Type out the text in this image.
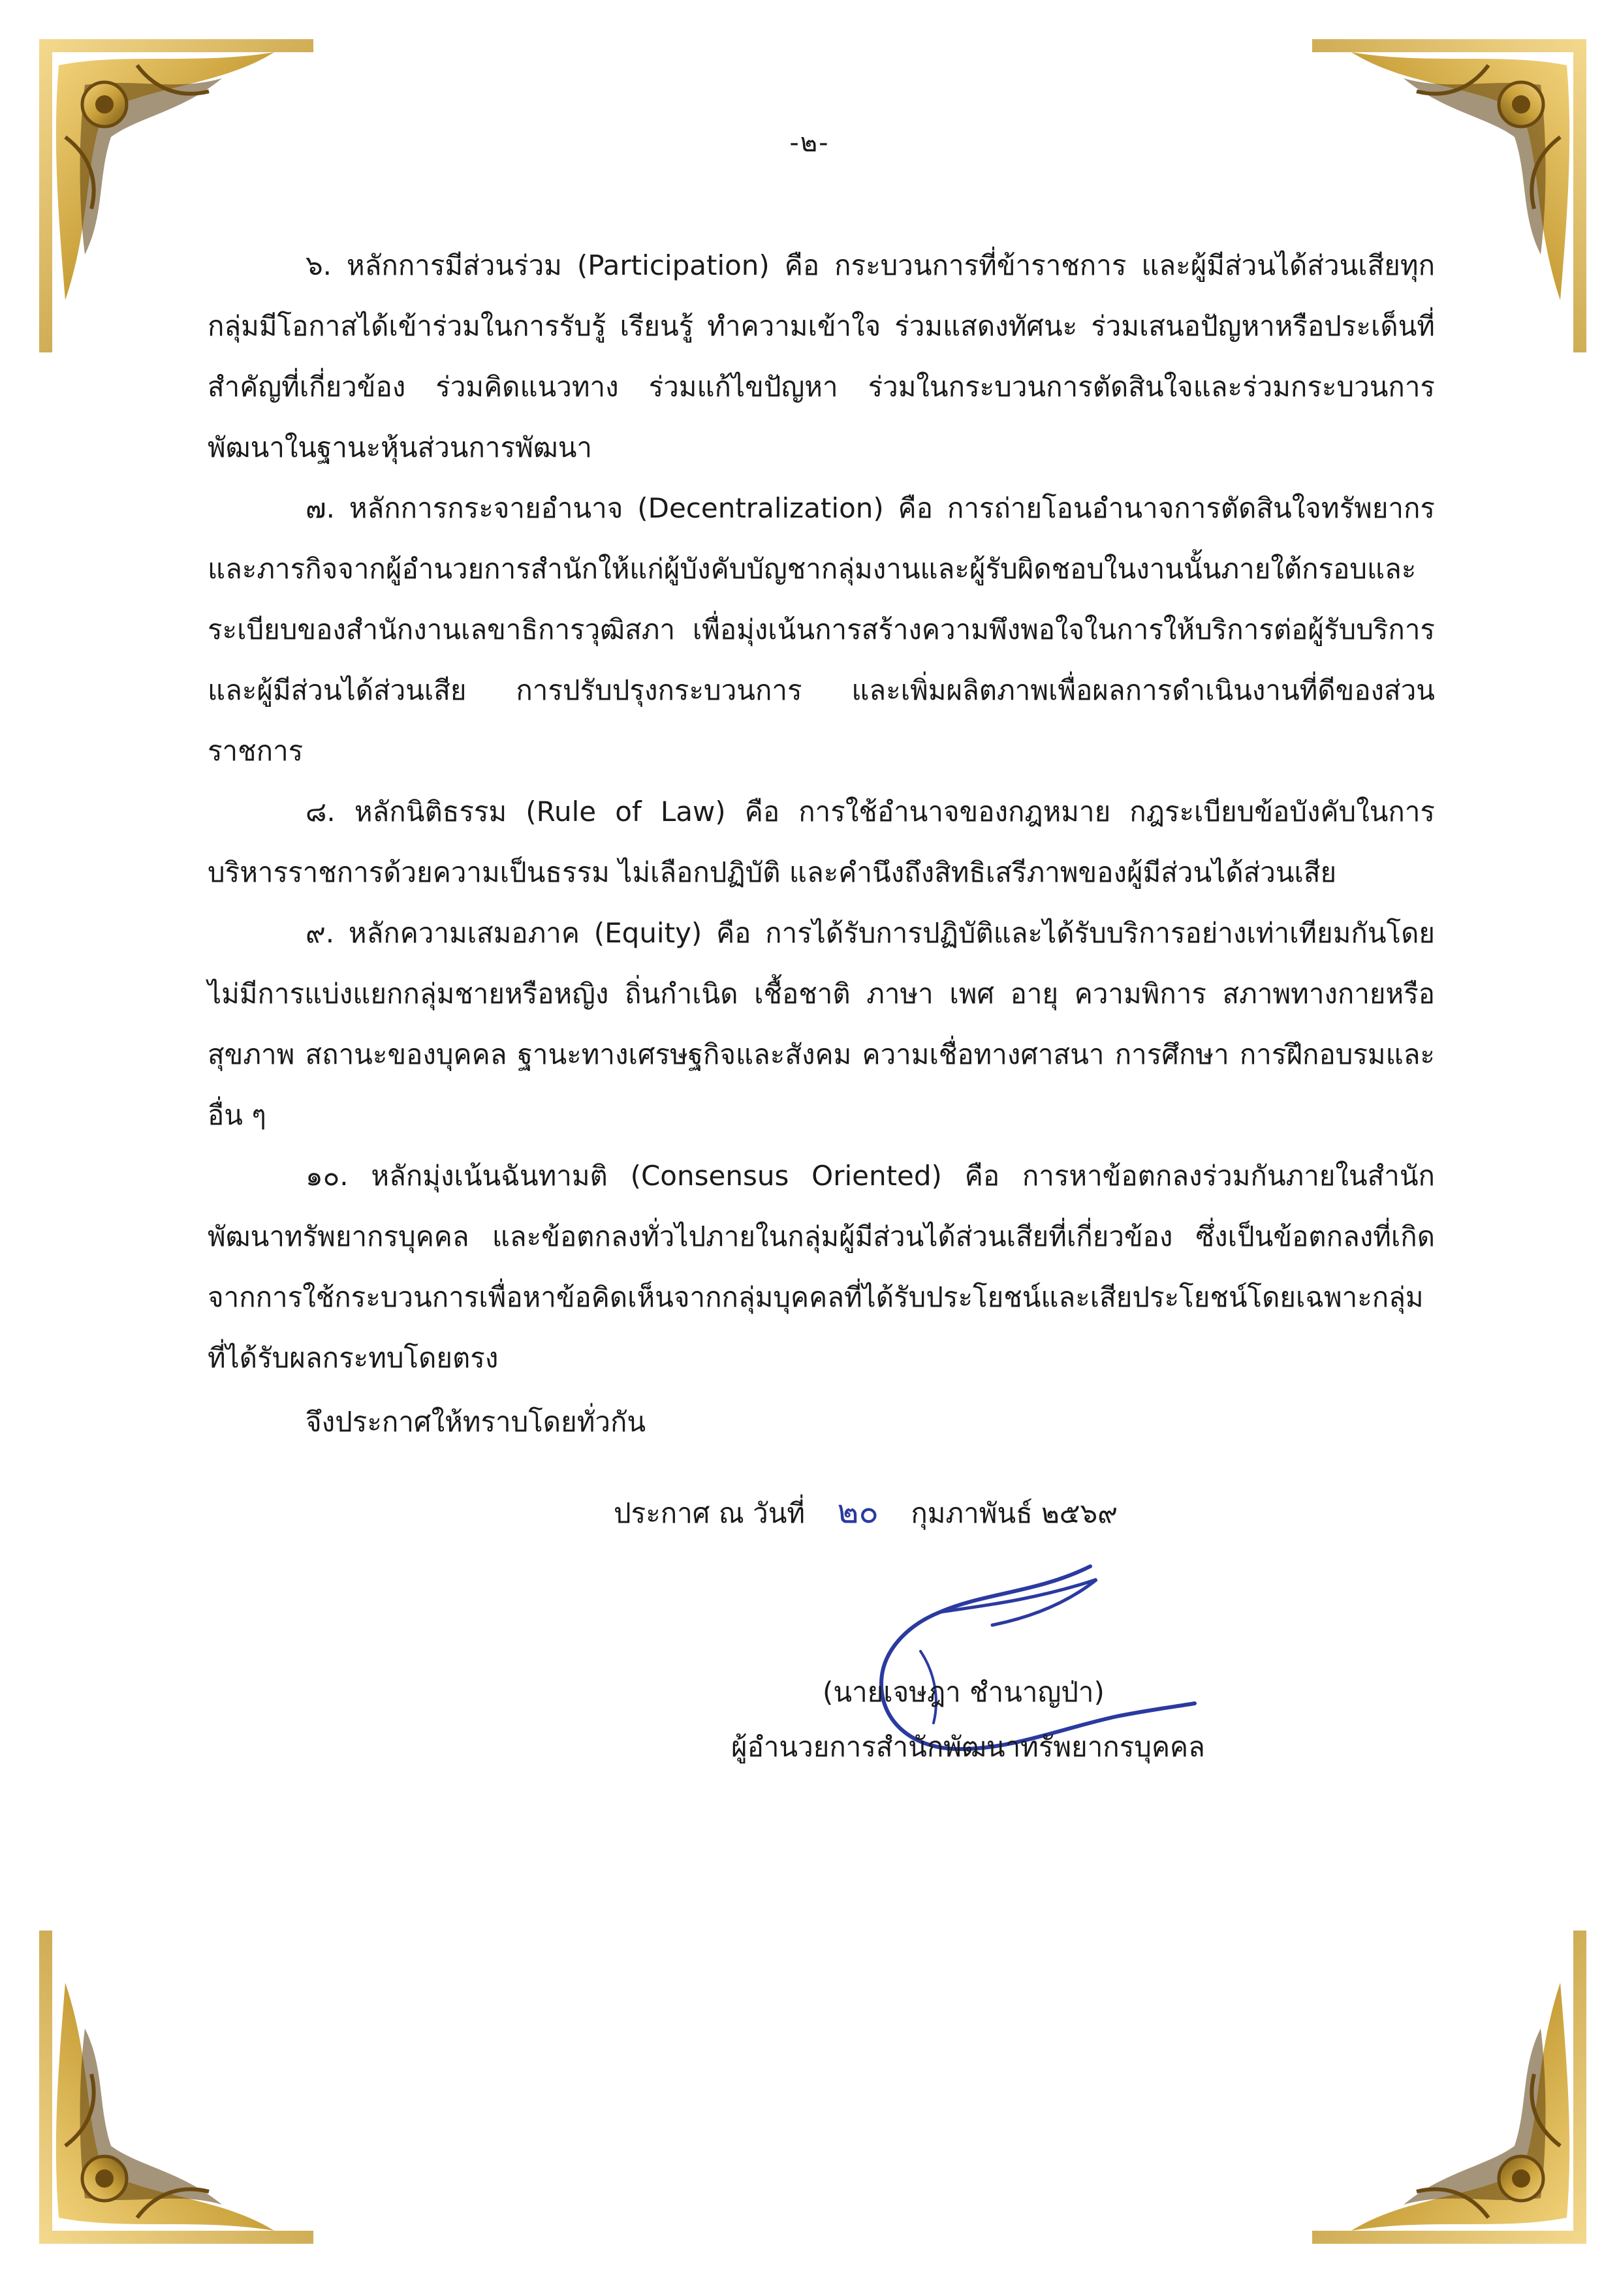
-๒-

๖. หลักการมีส่วนร่วม (Participation) คือ กระบวนการที่ข้าราชการ และผู้มีส่วนได้ส่วนเสียทุกกลุ่มมีโอกาสได้เข้าร่วมในการรับรู้ เรียนรู้ ทำความเข้าใจ ร่วมแสดงทัศนะ ร่วมเสนอปัญหาหรือประเด็นที่สำคัญที่เกี่ยวข้อง ร่วมคิดแนวทาง ร่วมแก้ไขปัญหา ร่วมในกระบวนการตัดสินใจและร่วมกระบวนการพัฒนาในฐานะหุ้นส่วนการพัฒนา

๗. หลักการกระจายอำนาจ (Decentralization) คือ การถ่ายโอนอำนาจการตัดสินใจทรัพยากรและภารกิจจากผู้อำนวยการสำนักให้แก่ผู้บังคับบัญชากลุ่มงานและผู้รับผิดชอบในงานนั้นภายใต้กรอบและระเบียบของสำนักงานเลขาธิการวุฒิสภา เพื่อมุ่งเน้นการสร้างความพึงพอใจในการให้บริการต่อผู้รับบริการและผู้มีส่วนได้ส่วนเสีย การปรับปรุงกระบวนการ และเพิ่มผลิตภาพเพื่อผลการดำเนินงานที่ดีของส่วนราชการ

๘. หลักนิติธรรม (Rule of Law) คือ การใช้อำนาจของกฎหมาย กฎระเบียบข้อบังคับในการบริหารราชการด้วยความเป็นธรรม ไม่เลือกปฏิบัติ และคำนึงถึงสิทธิเสรีภาพของผู้มีส่วนได้ส่วนเสีย

๙. หลักความเสมอภาค (Equity) คือ การได้รับการปฏิบัติและได้รับบริการอย่างเท่าเทียมกันโดยไม่มีการแบ่งแยกกลุ่มชายหรือหญิง ถิ่นกำเนิด เชื้อชาติ ภาษา เพศ อายุ ความพิการ สภาพทางกายหรือสุขภาพ สถานะของบุคคล ฐานะทางเศรษฐกิจและสังคม ความเชื่อทางศาสนา การศึกษา การฝึกอบรมและอื่น ๆ

๑๐. หลักมุ่งเน้นฉันทามติ (Consensus Oriented) คือ การหาข้อตกลงร่วมกันภายในสำนักพัฒนาทรัพยากรบุคคล และข้อตกลงทั่วไปภายในกลุ่มผู้มีส่วนได้ส่วนเสียที่เกี่ยวข้อง ซึ่งเป็นข้อตกลงที่เกิดจากการใช้กระบวนการเพื่อหาข้อคิดเห็นจากกลุ่มบุคคลที่ได้รับประโยชน์และเสียประโยชน์โดยเฉพาะกลุ่มที่ได้รับผลกระทบโดยตรง

จึงประกาศให้ทราบโดยทั่วกัน
ประกาศ ณ วันที่ ๒๐ กุมภาพันธ์ ๒๕๖๙
(นายเจษฎา ชำนาญป่า)
ผู้อำนวยการสำนักพัฒนาทรัพยากรบุคคล
